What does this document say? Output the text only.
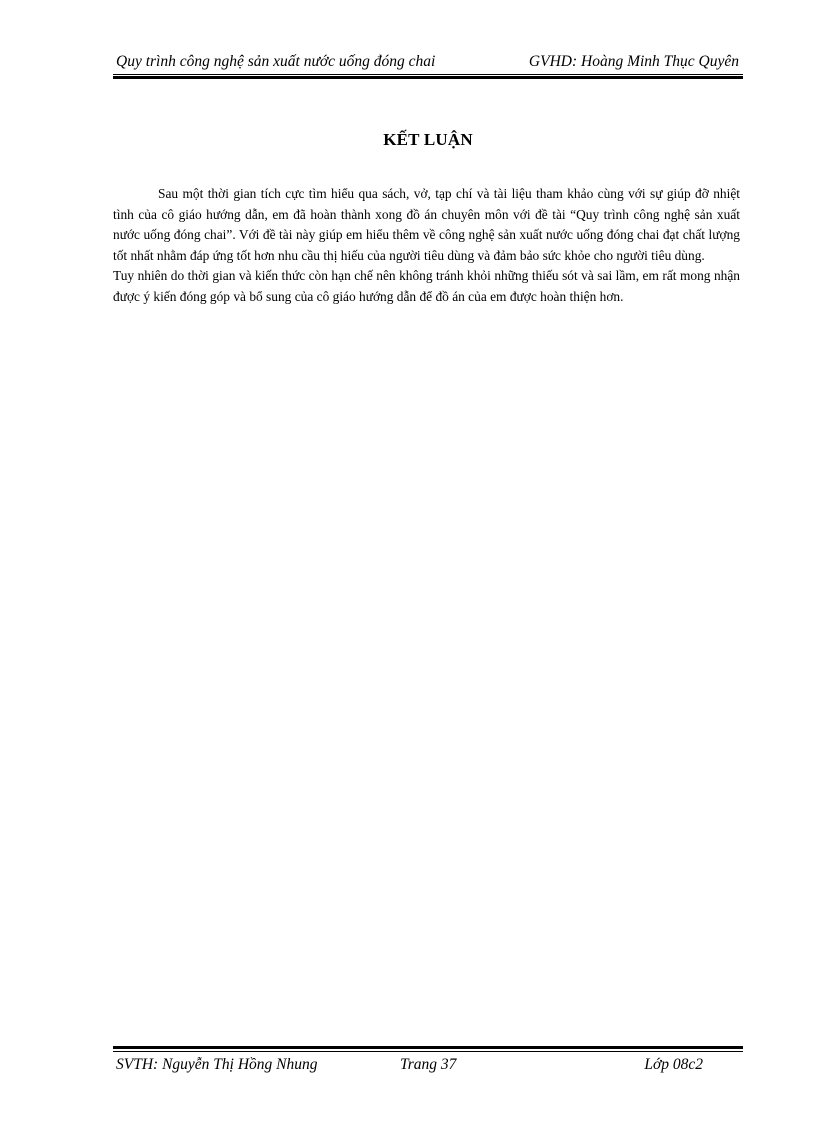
Quy trình công nghệ sản xuất nước uống đóng chai	GVHD: Hoàng Minh Thục Quyên
KẾT LUẬN

Sau một thời gian tích cực tìm hiểu qua sách, vở, tạp chí và tài liệu tham khảo cùng với sự giúp đỡ nhiệt tình của cô giáo hướng dẫn, em đã hoàn thành xong đồ án chuyên môn với đề tài “Quy trình công nghệ sản xuất nước uống đóng chai”. Với đề tài này giúp em hiểu thêm về công nghệ sản xuất nước uống đóng chai đạt chất lượng tốt nhất nhằm đáp ứng tốt hơn nhu cầu thị hiếu của người tiêu dùng và đảm bảo sức khỏe cho người tiêu dùng.

Tuy nhiên do thời gian và kiến thức còn hạn chế nên không tránh khỏi những thiếu sót và sai lầm, em rất mong nhận được ý kiến đóng góp và bổ sung của cô giáo hướng dẫn để đồ án của em được hoàn thiện hơn.

SVTH: Nguyễn Thị Hồng Nhung	Trang 37	Lớp 08c2
